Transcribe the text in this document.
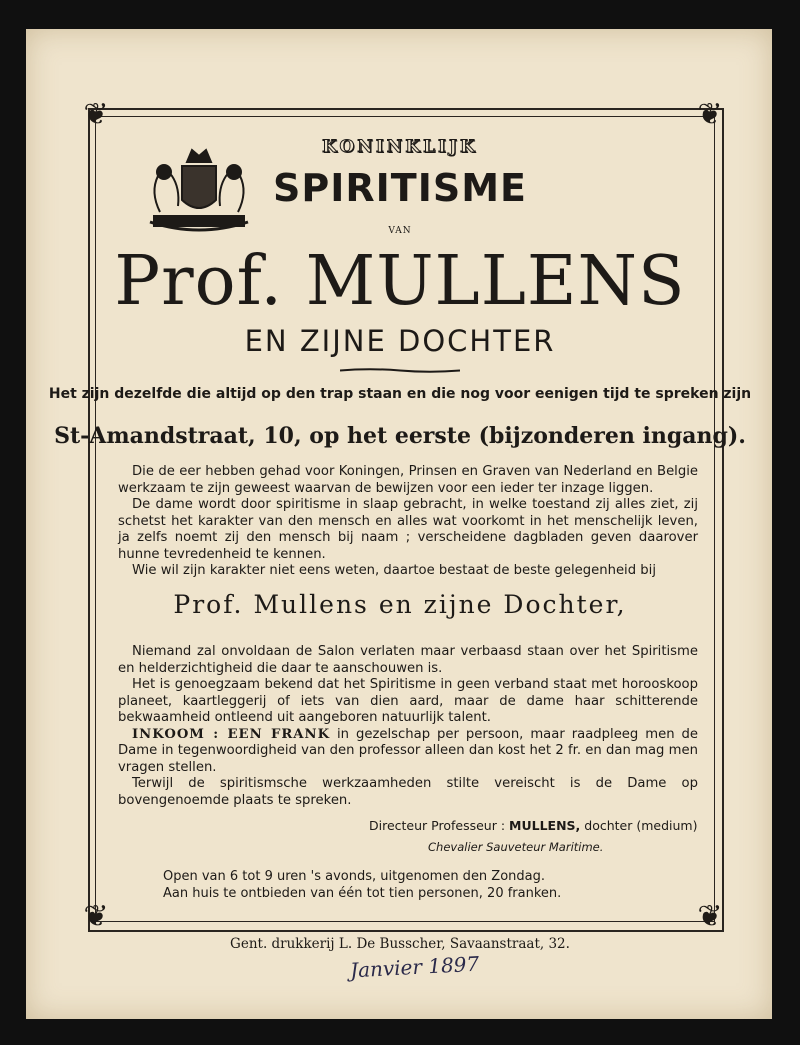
❦	❦
❦	❦
KONINKLIJK
SPIRITISME
VAN
Prof. MULLENS
EN ZIJNE DOCHTER
Het zijn dezelfde die altijd op den trap staan en die nog voor eenigen tijd te spreken zijn
St-Amandstraat, 10, op het eerste (bijzonderen ingang).

Die de eer hebben gehad voor Koningen, Prinsen en Graven van Nederland en Belgie werkzaam te zijn geweest waarvan de bewijzen voor een ieder ter inzage liggen.

De dame wordt door spiritisme in slaap gebracht, in welke toestand zij alles ziet, zij schetst het karakter van den mensch en alles wat voorkomt in het menschelijk leven, ja zelfs noemt zij den mensch bij naam ; verscheidene dagbladen geven daarover hunne tevredenheid te kennen.

Wie wil zijn karakter niet eens weten, daartoe bestaat de beste gelegenheid bij

Prof. Mullens en zijne Dochter,

Niemand zal onvoldaan de Salon verlaten maar verbaasd staan over het Spiritisme en helderzichtigheid die daar te aanschouwen is.

Het is genoegzaam bekend dat het Spiritisme in geen verband staat met horooskoop planeet, kaartleggerij of iets van dien aard, maar de dame haar schitterende bekwaamheid ontleend uit aangeboren natuurlijk talent.

INKOOM : EEN FRANK in gezelschap per persoon, maar raadpleeg men de Dame in tegenwoordigheid van den professor alleen dan kost het 2 fr. en dan mag men vragen stellen.

Terwijl de spiritismsche werkzaamheden stilte vereischt is de Dame op bovengenoemde plaats te spreken.

Directeur Professeur : MULLENS, dochter (medium)
Chevalier Sauveteur Maritime.
Open van 6 tot 9 uren 's avonds, uitgenomen den Zondag.
Aan huis te ontbieden van één tot tien personen, 20 franken.
Gent. drukkerij L. De Busscher, Savaanstraat, 32.
Janvier 1897
